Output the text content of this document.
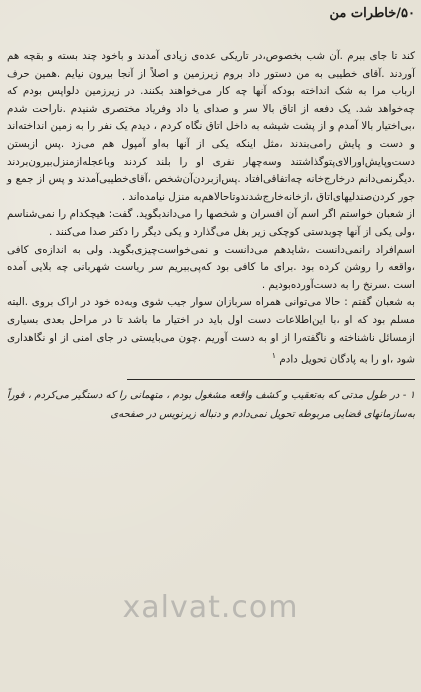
۵۰/خاطرات من

کند تا جای ببرم .آن شب بخصوص،در تاریکی عده‌ی زیادی آمدند و باخود چند بسته و بقچه هم آوردند .آقای خطیبی به من دستور داد بروم زیرزمین و اصلاً از آنجا بیرون نیایم .همین حرف ارباب مرا به شک انداخته بودکه آنها چه کار می‌خواهند بکنند. در زیرزمین دلواپس بودم که چه‌خواهد شد. یک دفعه از اتاق بالا سر و صدای یا داد وفریاد مختصری شنیدم .ناراحت شدم ،بی‌اختیار بالا آمدم و از پشت شیشه به داخل اتاق نگاه کردم ، دیدم یک نفر را به زمین انداخته‌اند و دست و پایش رامی‌بندند ،مثل اینکه یکی از آنها به‌او آمپول هم می‌زد .پس ازبستن دست‌وپایش‌اورالای‌پتوگذاشتند وسه‌چهار نفری او را بلند کردند وباعجله‌ازمنزل‌بیرون‌بردند .دیگرنمی‌دانم درخارج‌خانه چه‌اتفاقی‌افتاد .پس‌ازبردن‌آن‌شخص ،آقای‌خطیبی‌آمدند و پس از جمع و جور کردن‌صندلیهای‌اتاق ،ازخانه‌خارج‌شدندوتاحالاهم‌به منزل نیامده‌اند .

از شعبان خواستم اگر اسم آن افسران و شخصها را می‌داندبگوید. گفت: هیچکدام را نمی‌شناسم ،ولی یکی از آنها چوبدستی کوچکی زیر بغل می‌گذارد و یکی دیگر را دکتر صدا می‌کنند .

اسم‌افراد رانمی‌دانست ،شایدهم می‌دانست و نمی‌خواست‌چیزی‌بگوید. ولی به اندازه‌ی کافی ،واقعه را روشن کرده بود .برای ما کافی بود که‌پی‌ببریم سر ریاست شهربانی چه بلایی آمده است .سرنخ را به دست‌آورده‌بودیم .

به شعبان گفتم : حالا می‌توانی همراه سربازان سوار جیب شوی وبه‌ده خود در اراک بروی .البته مسلم بود که او ،با این‌اطلاعات دست اول باید در اختیار ما باشد تا در مراحل بعدی بسیاری ازمسائل ناشناخته و ناگفته‌را از او به دست آوریم .چون می‌بایستی در جای امنی از او نگاهداری شود ،او را به پادگان تحویل دادم $^۱$

۱ - در طول مدتی که به‌تعقیب و کشف واقعه مشغول بودم ، متهمانی را که دستگیر می‌کردم ، فوراً به‌سازمانهای قضایی مربوطه تحویل نمی‌دادم و دنباله زیرنویس در صفحه‌ی
xalvat.com
